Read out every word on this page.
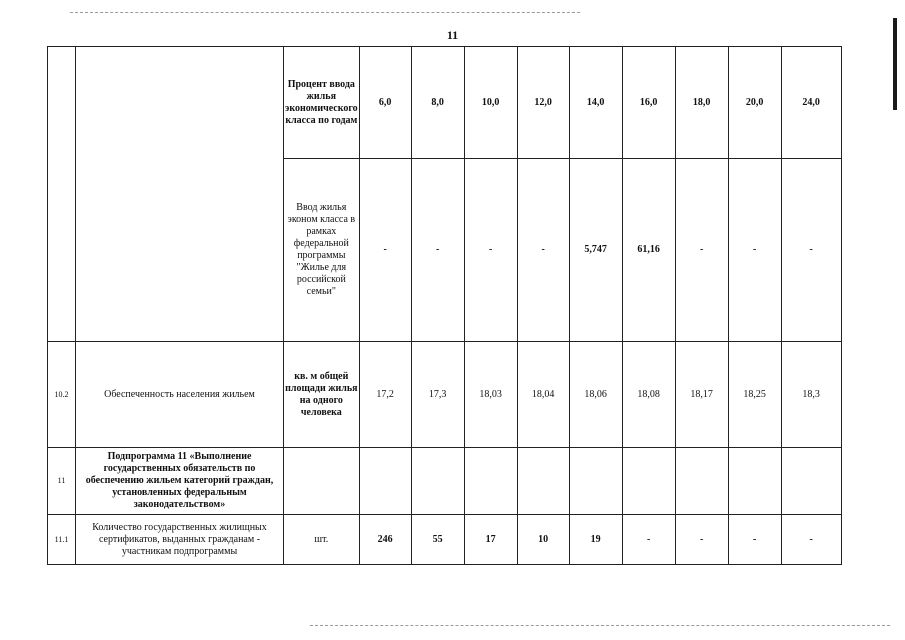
11
		Процент ввода жилья экономического класса по годам	6,0	8,0	10,0	12,0	14,0	16,0	18,0	20,0	24,0
		Ввод жилья эконом класса в рамках федеральной программы "Жилье для российской семьи"	-	-	-	-	5,747	61,16	-	-	-
10.2	Обеспеченность населения жильем	кв. м общей площади жилья на одного человека	17,2	17,3	18,03	18,04	18,06	18,08	18,17	18,25	18,3
11	Подпрограмма 11 «Выполнение государственных обязательств по обеспечению жильем категорий граждан, установленных федеральным законодательством»										
11.1	Количество государственных жилищных сертификатов, выданных гражданам - участникам подпрограммы	шт.	246	55	17	10	19	-	-	-	-
